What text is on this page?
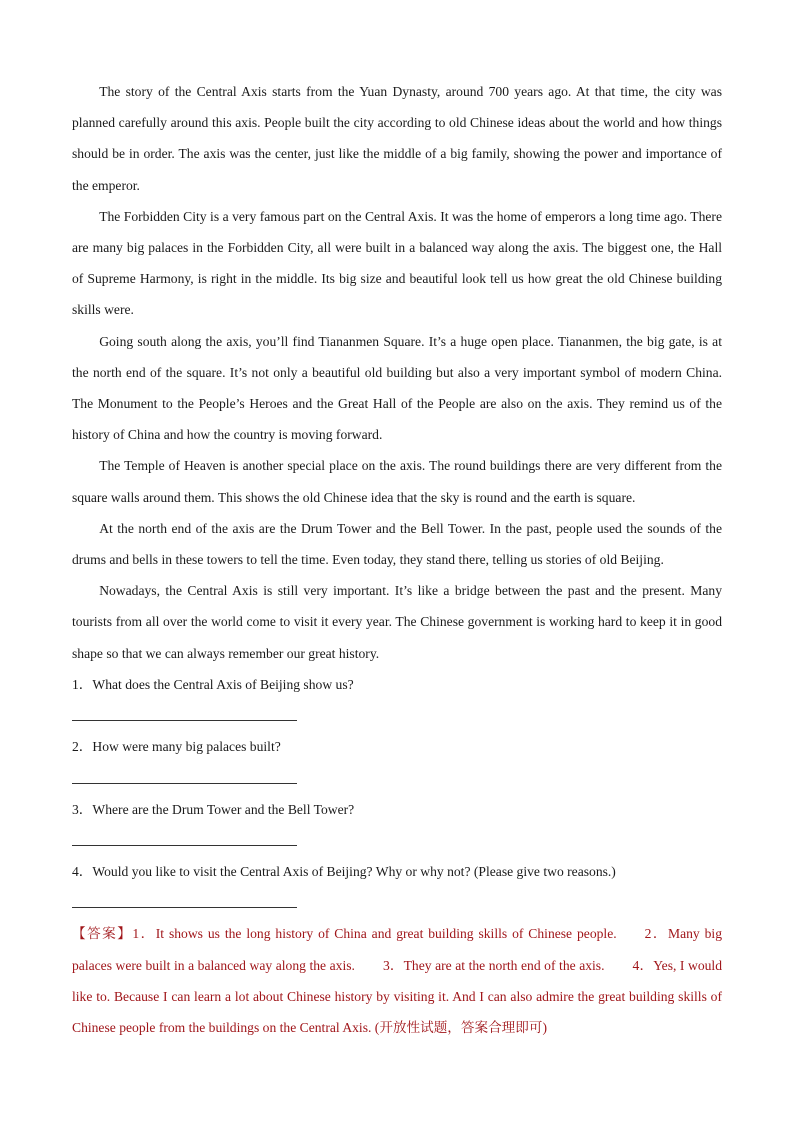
The story of the Central Axis starts from the Yuan Dynasty, around 700 years ago. At that time, the city was planned carefully around this axis. People built the city according to old Chinese ideas about the world and how things should be in order. The axis was the center, just like the middle of a big family, showing the power and importance of the emperor.

The Forbidden City is a very famous part on the Central Axis. It was the home of emperors a long time ago. There are many big palaces in the Forbidden City, all were built in a balanced way along the axis. The biggest one, the Hall of Supreme Harmony, is right in the middle. Its big size and beautiful look tell us how great the old Chinese building skills were.

Going south along the axis, you’ll find Tiananmen Square. It’s a huge open place. Tiananmen, the big gate, is at the north end of the square. It’s not only a beautiful old building but also a very important symbol of modern China. The Monument to the People’s Heroes and the Great Hall of the People are also on the axis. They remind us of the history of China and how the country is moving forward.

The Temple of Heaven is another special place on the axis. The round buildings there are very different from the square walls around them. This shows the old Chinese idea that the sky is round and the earth is square.

At the north end of the axis are the Drum Tower and the Bell Tower. In the past, people used the sounds of the drums and bells in these towers to tell the time. Even today, they stand there, telling us stories of old Beijing.

Nowadays, the Central Axis is still very important. It’s like a bridge between the past and the present. Many tourists from all over the world come to visit it every year. The Chinese government is working hard to keep it in good shape so that we can always remember our great history.

1．What does the Central Axis of Beijing show us?

2．How were many big palaces built?

3．Where are the Drum Tower and the Bell Tower?

4．Would you like to visit the Central Axis of Beijing? Why or why not? (Please give two reasons.)

【答案】1．It shows us the long history of China and great building skills of Chinese people. 2．Many big palaces were built in a balanced way along the axis. 3．They are at the north end of the axis. 4．Yes, I would like to. Because I can learn a lot about Chinese history by visiting it. And I can also admire the great building skills of Chinese people from the buildings on the Central Axis. (开放性试题，答案合理即可)
